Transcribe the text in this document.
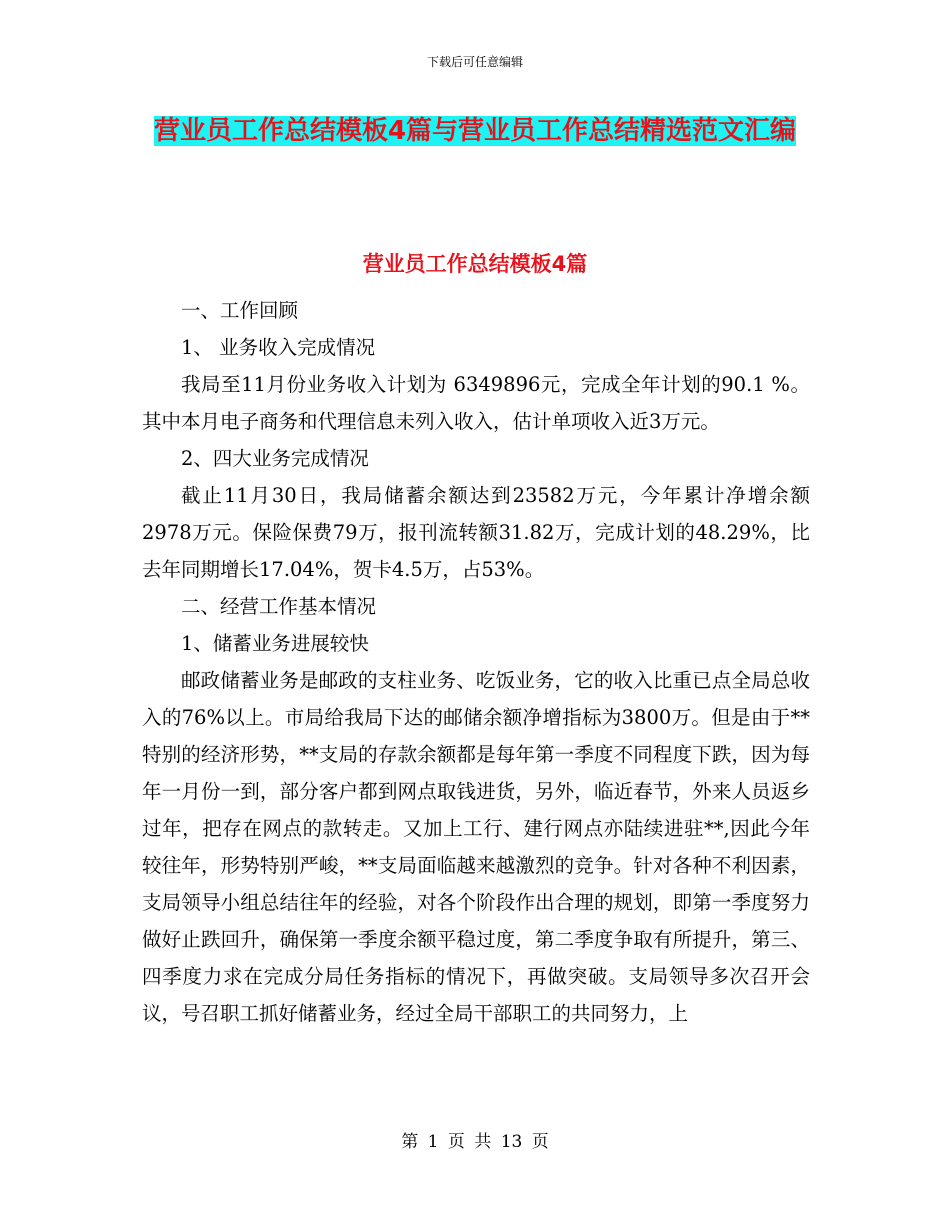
下载后可任意编辑
营业员工作总结模板4篇与营业员工作总结精选范文汇编
营业员工作总结模板4篇

一、工作回顾

1、 业务收入完成情况

我局至11月份业务收入计划为 6349896元，完成全年计划的90.1 %。其中本月电子商务和代理信息未列入收入，估计单项收入近3万元。

2、四大业务完成情况

截止11月30日，我局储蓄余额达到23582万元，今年累计净增余额 2978万元。保险保费79万，报刊流转额31.82万，完成计划的48.29%，比去年同期增长17.04%，贺卡4.5万，占53%。

二、经营工作基本情况

1、储蓄业务进展较快

邮政储蓄业务是邮政的支柱业务、吃饭业务，它的收入比重已点全局总收入的76%以上。市局给我局下达的邮储余额净增指标为3800万。但是由于**特别的经济形势，**支局的存款余额都是每年第一季度不同程度下跌，因为每年一月份一到，部分客户都到网点取钱进货，另外，临近春节，外来人员返乡过年，把存在网点的款转走。又加上工行、建行网点亦陆续进驻**,因此今年较往年，形势特别严峻，**支局面临越来越激烈的竞争。针对各种不利因素，支局领导小组总结往年的经验，对各个阶段作出合理的规划，即第一季度努力做好止跌回升，确保第一季度余额平稳过度，第二季度争取有所提升，第三、四季度力求在完成分局任务指标的情况下，再做突破。支局领导多次召开会议，号召职工抓好储蓄业务，经过全局干部职工的共同努力，上

第 1 页 共 13 页
